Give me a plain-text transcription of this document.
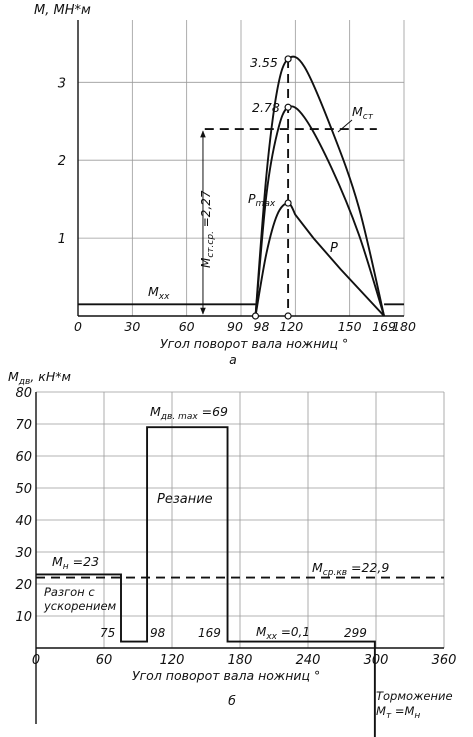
1
2
3
0	30	60	90 98 120	150 169
180
M, МН*м
Угол поворот вала ножниц °
а
3.55
2.78	$M_{ст}$
$P_{max}$
P
$M_{xx}$
$M_{ст.ср.} =2,27$
10
20
30
40
50
60
70
80
0	60	120	180	240	300	360
$M_{дв}$, кН*м
Угол поворот вала ножниц °
б
$M_{дв. max} =69$
Резание
$M_н =23$
Разгон с
ускорением
75	98	169	$M_{xx} =0,1$	299
$M_{ср.кв} =22,9$
Торможение
$M_т =M_н$
